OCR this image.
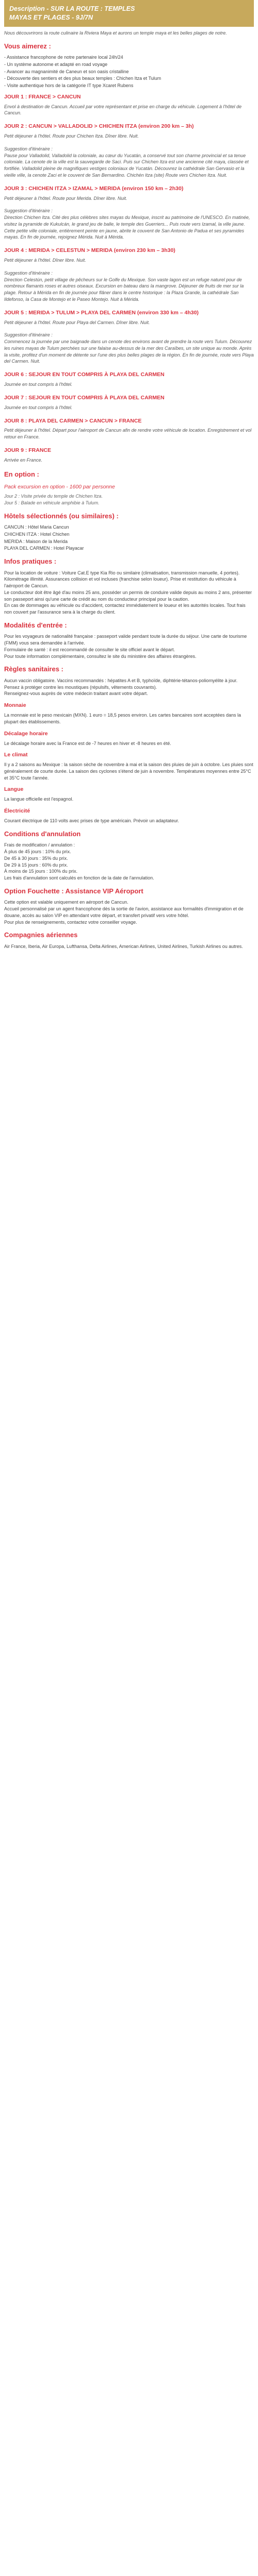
Description - SUR LA ROUTE : TEMPLES
MAYAS ET PLAGES - 9J/7N

Nous découvrirons la route culinaire la Riviera Maya et aurons un temple maya et les belles plages de notre.

Vous aimerez :
- Assistance francophone de notre partenaire local 24h/24
- Un système autonome et adapté en road voyage
- Avancer au magnanimité de Caneun et son oasis cristalline
- Découverte des sentiers et des plus beaux temples : Chichen Itza et Tulum
- Visite authentique hors de la catégorie IT type Xcaret Rubens
JOUR 1 : FRANCE > CANCUN
Envol à destination de Cancun. Accueil par votre représentant et prise en charge du véhicule. Logement à l'hôtel de Cancun.
JOUR 2 : CANCUN > VALLADOLID > CHICHEN ITZA (environ 200 km – 3h)
Petit déjeuner à l'hôtel. Route pour Chichen Itza. Dîner libre. Nuit.
Suggestion d'itinéraire :
Pause pour Valladolid, Valladolid la coloniale, au cœur du Yucatán, a conservé tout son charme provincial et sa tenue coloniale. La cenote de la ville est la sauvegarde de Saci. Puis sur Chichen Itza est une ancienne cité maya, classée et fortifiée. Valladolid pleine de magnifiques vestiges coloniaux de Yucatán. Découvrez la cathédrale San Gervasio et la vieille ville, la cenote Zaci et le couvent de San Bernardino. Chichén Itza (site) Route vers Chichen Itza. Nuit.
JOUR 3 : CHICHEN ITZA > IZAMAL > MERIDA (environ 150 km – 2h30)
Petit déjeuner à l'hôtel. Route pour Merida. Dîner libre. Nuit.
Suggestion d'itinéraire :
Direction Chichen Itza. Cité des plus célèbres sites mayas du Mexique, inscrit au patrimoine de l'UNESCO. En matinée, visitez la pyramide de Kukulcán, le grand jeu de balle, le temple des Guerriers... Puis route vers Izamal, la ville jaune. Cette petite ville coloniale, entièrement peinte en jaune, abrite le couvent de San Antonio de Padua et ses pyramides mayas. En fin de journée, rejoignez Mérida. Nuit à Mérida.
JOUR 4 : MERIDA > CELESTUN > MERIDA (environ 230 km – 3h30)
Petit déjeuner à l'hôtel. Dîner libre. Nuit.
Suggestion d'itinéraire :
Direction Celestún, petit village de pêcheurs sur le Golfe du Mexique. Son vaste lagon est un refuge naturel pour de nombreux flamants roses et autres oiseaux. Excursion en bateau dans la mangrove. Déjeuner de fruits de mer sur la plage. Retour à Mérida en fin de journée pour flâner dans le centre historique : la Plaza Grande, la cathédrale San Ildefonso, la Casa de Montejo et le Paseo Montejo. Nuit à Mérida.
JOUR 5 : MERIDA > TULUM > PLAYA DEL CARMEN (environ 330 km – 4h30)
Petit déjeuner à l'hôtel. Route pour Playa del Carmen. Dîner libre. Nuit.
Suggestion d'itinéraire :
Commencez la journée par une baignade dans un cenote des environs avant de prendre la route vers Tulum. Découvrez les ruines mayas de Tulum perchées sur une falaise au-dessus de la mer des Caraïbes, un site unique au monde. Après la visite, profitez d'un moment de détente sur l'une des plus belles plages de la région. En fin de journée, route vers Playa del Carmen. Nuit.
JOUR 6 : SEJOUR EN TOUT COMPRIS À PLAYA DEL CARMEN
Journée en tout compris à l'hôtel.
JOUR 7 : SEJOUR EN TOUT COMPRIS À PLAYA DEL CARMEN
Journée en tout compris à l'hôtel.
JOUR 8 : PLAYA DEL CARMEN > CANCUN > FRANCE
Petit déjeuner à l'hôtel. Départ pour l'aéroport de Cancun afin de rendre votre véhicule de location. Enregistrement et vol retour en France.
JOUR 9 : FRANCE
Arrivée en France.
En option :
Pack excursion en option - 1600 par personne
Jour 2 : Visite privée du temple de Chichen Itza.
Jour 5 : Balade en véhicule amphibie à Tulum.
Hôtels sélectionnés (ou similaires) :
CANCUN : Hôtel Maria Cancun
CHICHEN ITZA : Hotel Chichen
MERIDA : Maison de la Merida
PLAYA DEL CARMEN : Hotel Playacar
Infos pratiques :

Pour la location de voiture : Voiture Cat.E type Kia Rio ou similaire (climatisation, transmission manuelle, 4 portes). Kilométrage illimité. Assurances collision et vol incluses (franchise selon loueur). Prise et restitution du véhicule à l'aéroport de Cancun.
Le conducteur doit être âgé d'au moins 25 ans, posséder un permis de conduire valide depuis au moins 2 ans, présenter son passeport ainsi qu'une carte de crédit au nom du conducteur principal pour la caution.
En cas de dommages au véhicule ou d'accident, contactez immédiatement le loueur et les autorités locales. Tout frais non couvert par l'assurance sera à la charge du client.

Modalités d'entrée :

Pour les voyageurs de nationalité française : passeport valide pendant toute la durée du séjour. Une carte de tourisme (FMM) vous sera demandée à l'arrivée.
Formulaire de santé : il est recommandé de consulter le site officiel avant le départ.
Pour toute information complémentaire, consultez le site du ministère des affaires étrangères.

Règles sanitaires :

Aucun vaccin obligatoire. Vaccins recommandés : hépatites A et B, typhoïde, diphtérie-tétanos-poliomyélite à jour.
Pensez à protéger contre les moustiques (répulsifs, vêtements couvrants).
Renseignez-vous auprès de votre médecin traitant avant votre départ.

Monnaie

La monnaie est le peso mexicain (MXN). 1 euro = 18,5 pesos environ. Les cartes bancaires sont acceptées dans la plupart des établissements.

Décalage horaire

Le décalage horaire avec la France est de -7 heures en hiver et -8 heures en été.

Le climat

Il y a 2 saisons au Mexique : la saison sèche de novembre à mai et la saison des pluies de juin à octobre. Les pluies sont généralement de courte durée. La saison des cyclones s'étend de juin à novembre. Températures moyennes entre 25°C et 35°C toute l'année.

Langue

La langue officielle est l'espagnol.

Électricité

Courant électrique de 110 volts avec prises de type américain. Prévoir un adaptateur.

Conditions d'annulation

Frais de modification / annulation :
À plus de 45 jours : 10% du prix.
De 45 à 30 jours : 35% du prix.
De 29 à 15 jours : 60% du prix.
À moins de 15 jours : 100% du prix.
Les frais d'annulation sont calculés en fonction de la date de l'annulation.

Option Fouchette : Assistance VIP Aéroport

Cette option est valable uniquement en aéroport de Cancun.
Accueil personnalisé par un agent francophone dès la sortie de l'avion, assistance aux formalités d'immigration et de douane, accès au salon VIP en attendant votre départ, et transfert privatif vers votre hôtel.
Pour plus de renseignements, contactez votre conseiller voyage.

Compagnies aériennes

Air France, Iberia, Air Europa, Lufthansa, Delta Airlines, American Airlines, United Airlines, Turkish Airlines ou autres.
